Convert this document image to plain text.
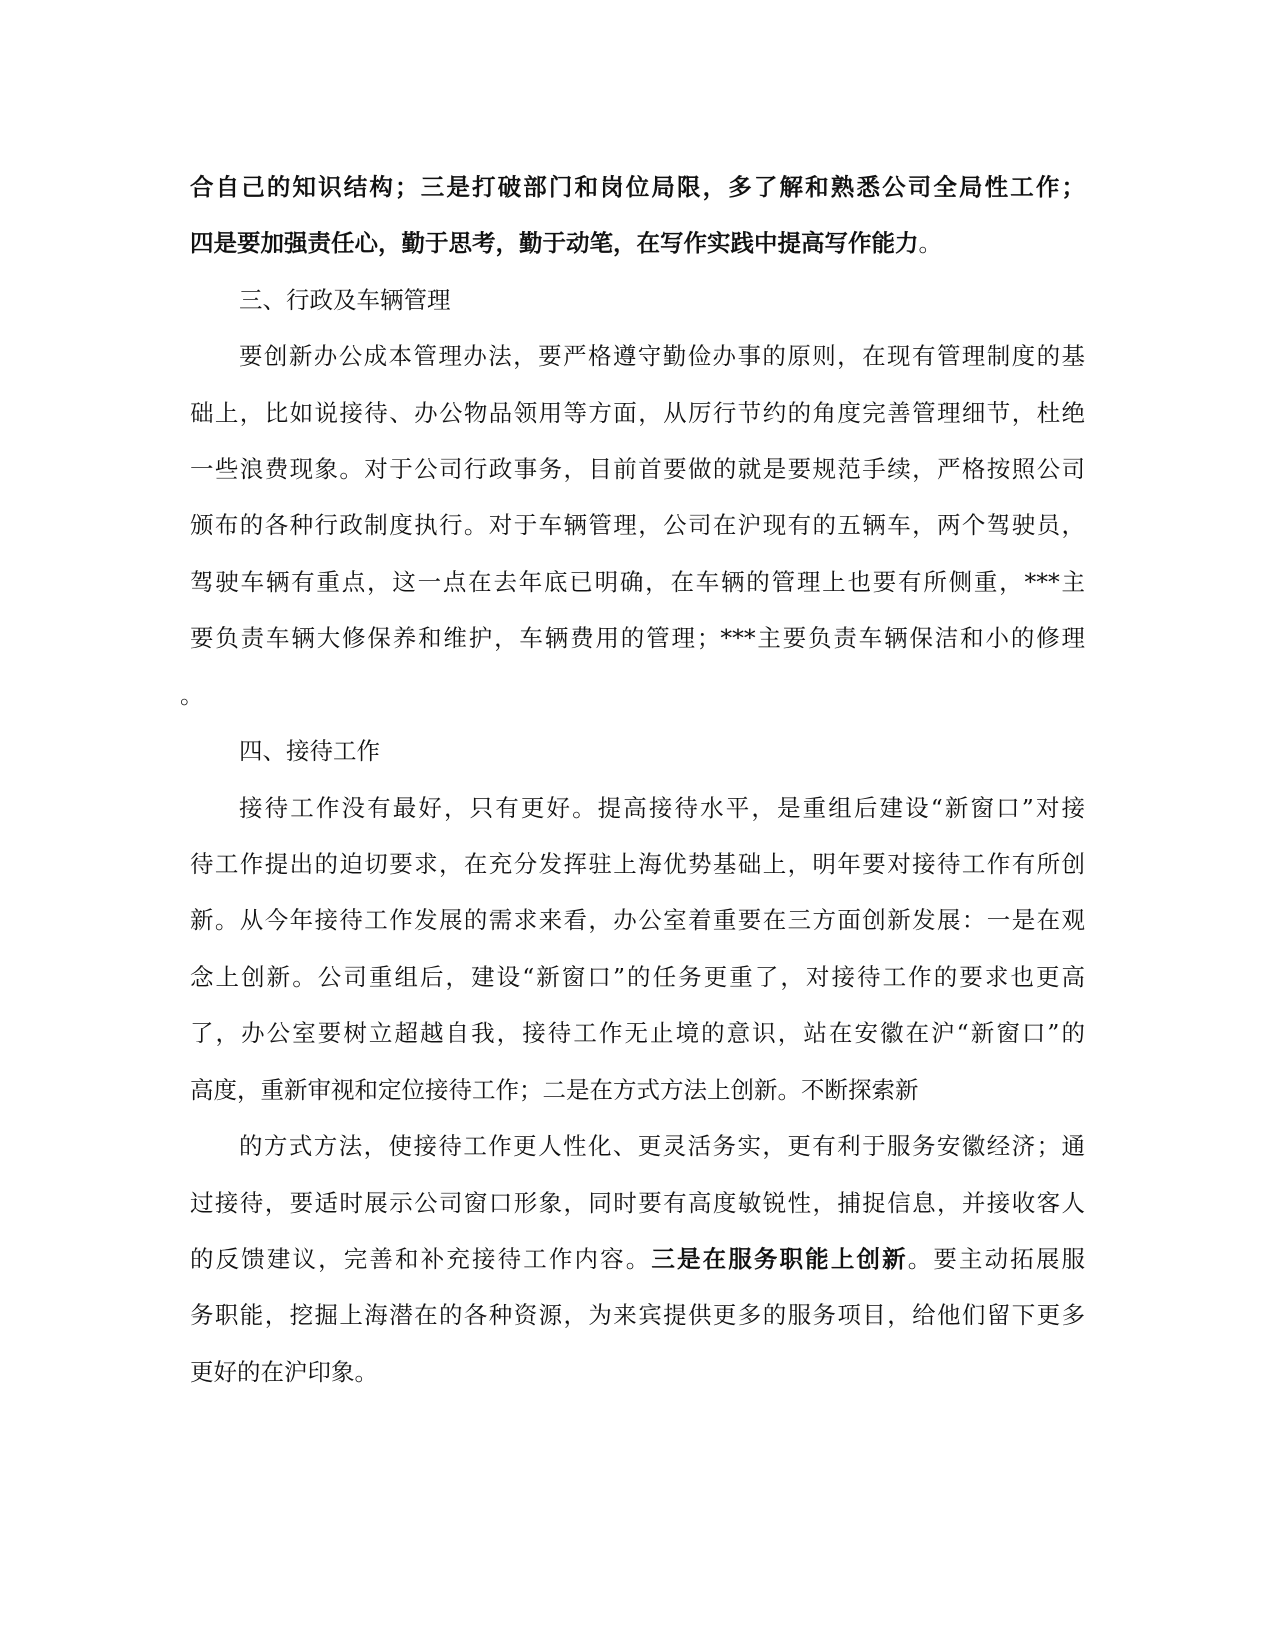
合自己的知识结构；三是打破部门和岗位局限，多了解和熟悉公司全局性工作；
四是要加强责任心，勤于思考，勤于动笔，在写作实践中提高写作能力。
三、行政及车辆管理
要创新办公成本管理办法，要严格遵守勤俭办事的原则，在现有管理制度的基
础上，比如说接待、办公物品领用等方面，从厉行节约的角度完善管理细节，杜绝
一些浪费现象。对于公司行政事务，目前首要做的就是要规范手续，严格按照公司
颁布的各种行政制度执行。对于车辆管理，公司在沪现有的五辆车，两个驾驶员，
驾驶车辆有重点，这一点在去年底已明确，在车辆的管理上也要有所侧重，***主
要负责车辆大修保养和维护，车辆费用的管理；***主要负责车辆保洁和小的修理
。
四、接待工作
接待工作没有最好，只有更好。提高接待水平，是重组后建设“新窗口”对接
待工作提出的迫切要求，在充分发挥驻上海优势基础上，明年要对接待工作有所创
新。从今年接待工作发展的需求来看，办公室着重要在三方面创新发展：一是在观
念上创新。公司重组后，建设“新窗口”的任务更重了，对接待工作的要求也更高
了，办公室要树立超越自我，接待工作无止境的意识，站在安徽在沪“新窗口”的
高度，重新审视和定位接待工作；二是在方式方法上创新。不断探索新
的方式方法，使接待工作更人性化、更灵活务实，更有利于服务安徽经济；通
过接待，要适时展示公司窗口形象，同时要有高度敏锐性，捕捉信息，并接收客人
的反馈建议，完善和补充接待工作内容。三是在服务职能上创新。要主动拓展服
务职能，挖掘上海潜在的各种资源，为来宾提供更多的服务项目，给他们留下更多
更好的在沪印象。
